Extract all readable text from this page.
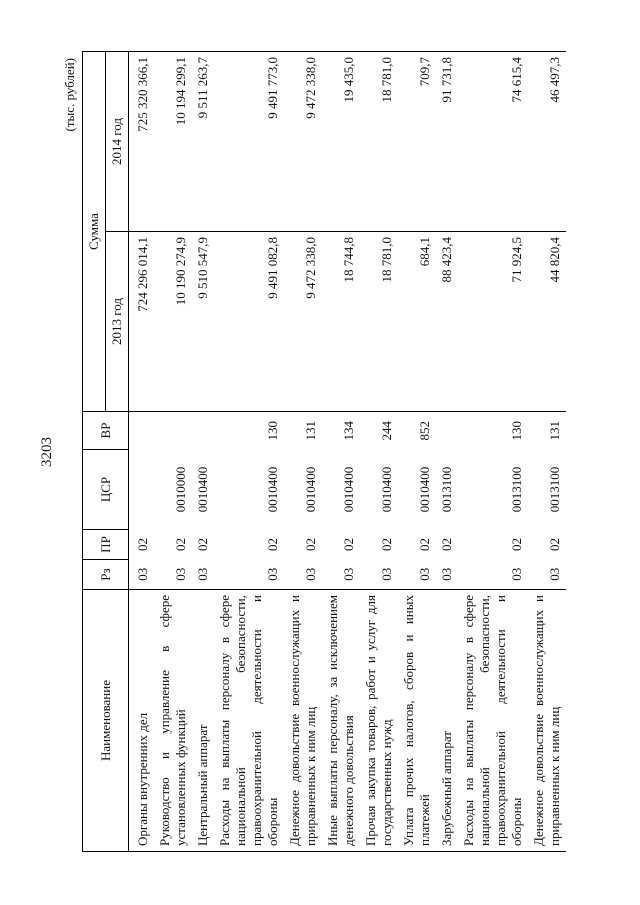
3203
(тыс. рублей)
Наименование	Рз	ПР	ЦСР	ВР	Сумма	
					2013 год	2014 год
Органы внутренних дел	03	02			724 296 014,1	725 320 366,1
Руководство и управление в сфере установленных функций	03	02	0010000		10 190 274,9	10 194 299,1
Центральный аппарат	03	02	0010400		9 510 547,9	9 511 263,7
Расходы на выплаты персоналу в сфере национальной безопасности, правоохранительной деятельности и обороны	03	02	0010400	130	9 491 082,8	9 491 773,0
Денежное довольствие военнослужащих и приравненных к ним лиц	03	02	0010400	131	9 472 338,0	9 472 338,0
Иные выплаты персоналу, за исключением денежного довольствия	03	02	0010400	134	18 744,8	19 435,0
Прочая закупка товаров, работ и услуг для государственных нужд	03	02	0010400	244	18 781,0	18 781,0
Уплата прочих налогов, сборов и иных платежей	03	02	0010400	852	684,1	709,7
Зарубежный аппарат	03	02	0013100		88 423,4	91 731,8
Расходы на выплаты персоналу в сфере национальной безопасности, правоохранительной деятельности и обороны	03	02	0013100	130	71 924,5	74 615,4
Денежное довольствие военнослужащих и приравненных к ним лиц	03	02	0013100	131	44 820,4	46 497,3
